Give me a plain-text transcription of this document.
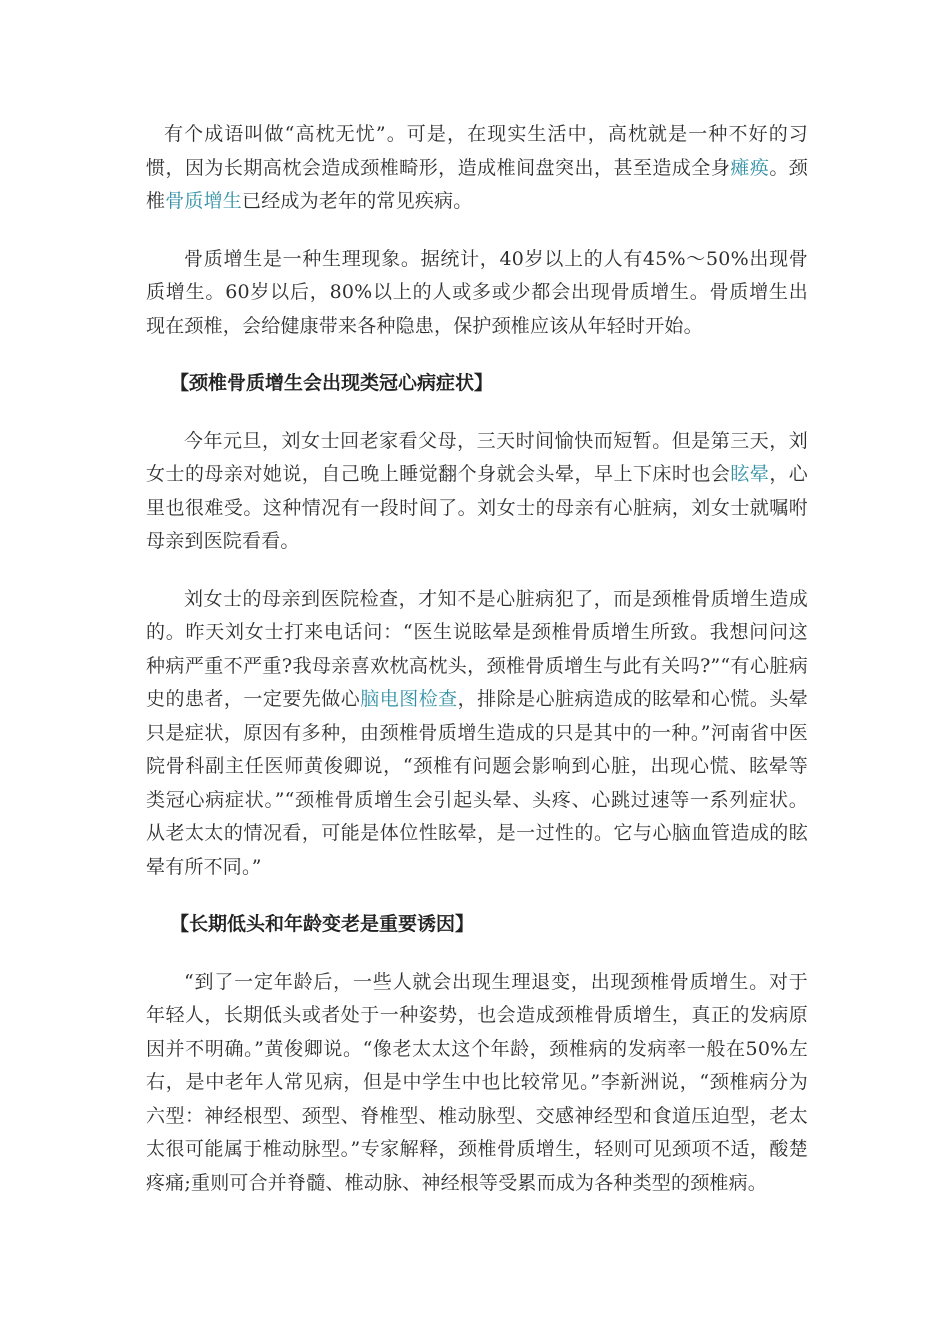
有个成语叫做“高枕无忧”。可是，在现实生活中，高枕就是一种不好的习惯，因为长期高枕会造成颈椎畸形，造成椎间盘突出，甚至造成全身瘫痪。颈椎骨质增生已经成为老年的常见疾病。

骨质增生是一种生理现象。据统计，40岁以上的人有45%～50%出现骨质增生。60岁以后，80%以上的人或多或少都会出现骨质增生。骨质增生出现在颈椎，会给健康带来各种隐患，保护颈椎应该从年轻时开始。

【颈椎骨质增生会出现类冠心病症状】

今年元旦，刘女士回老家看父母，三天时间愉快而短暂。但是第三天，刘女士的母亲对她说，自己晚上睡觉翻个身就会头晕，早上下床时也会眩晕，心里也很难受。这种情况有一段时间了。刘女士的母亲有心脏病，刘女士就嘱咐母亲到医院看看。

刘女士的母亲到医院检查，才知不是心脏病犯了，而是颈椎骨质增生造成的。昨天刘女士打来电话问：“医生说眩晕是颈椎骨质增生所致。我想问问这种病严重不严重?我母亲喜欢枕高枕头，颈椎骨质增生与此有关吗?”“有心脏病史的患者，一定要先做心脑电图检查，排除是心脏病造成的眩晕和心慌。头晕只是症状，原因有多种，由颈椎骨质增生造成的只是其中的一种。”河南省中医院骨科副主任医师黄俊卿说，“颈椎有问题会影响到心脏，出现心慌、眩晕等类冠心病症状。”“颈椎骨质增生会引起头晕、头疼、心跳过速等一系列症状。从老太太的情况看，可能是体位性眩晕，是一过性的。它与心脑血管造成的眩晕有所不同。”

【长期低头和年龄变老是重要诱因】

“到了一定年龄后，一些人就会出现生理退变，出现颈椎骨质增生。对于年轻人，长期低头或者处于一种姿势，也会造成颈椎骨质增生，真正的发病原因并不明确。”黄俊卿说。“像老太太这个年龄，颈椎病的发病率一般在50%左右，是中老年人常见病，但是中学生中也比较常见。”李新洲说，“颈椎病分为六型：神经根型、颈型、脊椎型、椎动脉型、交感神经型和食道压迫型，老太太很可能属于椎动脉型。”专家解释，颈椎骨质增生，轻则可见颈项不适，酸楚疼痛;重则可合并脊髓、椎动脉、神经根等受累而成为各种类型的颈椎病。
